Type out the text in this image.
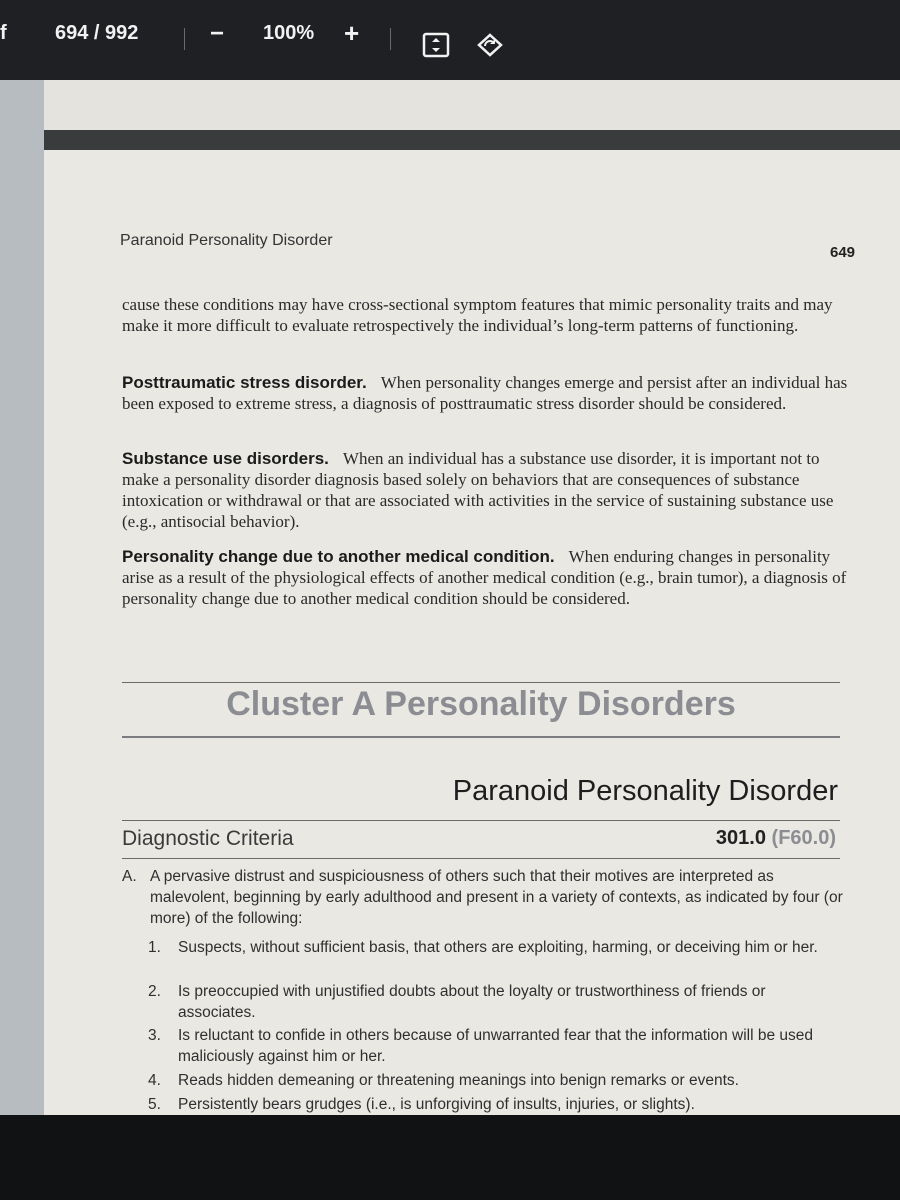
f 694 / 992	− 100% +
Paranoid Personality Disorder
649
cause these conditions may have cross-sectional symptom features that mimic personality traits and may make it more difficult to evaluate retrospectively the individual’s long-term patterns of functioning.
Posttraumatic stress disorder. When personality changes emerge and persist after an individual has been exposed to extreme stress, a diagnosis of posttraumatic stress disorder should be considered.
Substance use disorders. When an individual has a substance use disorder, it is important not to make a personality disorder diagnosis based solely on behaviors that are consequences of substance intoxication or withdrawal or that are associated with activities in the service of sustaining substance use (e.g., antisocial behavior).
Personality change due to another medical condition. When enduring changes in personality arise as a result of the physiological effects of another medical condition (e.g., brain tumor), a diagnosis of personality change due to another medical condition should be considered.
Cluster A Personality Disorders
Paranoid Personality Disorder
Diagnostic Criteria	301.0 (F60.0)
A. A pervasive distrust and suspiciousness of others such that their motives are interpreted as malevolent, beginning by early adulthood and present in a variety of contexts, as indicated by four (or more) of the following:
1. Suspects, without sufficient basis, that others are exploiting, harming, or deceiving him or her.
2. Is preoccupied with unjustified doubts about the loyalty or trustworthiness of friends or associates.
3. Is reluctant to confide in others because of unwarranted fear that the information will be used maliciously against him or her.
4. Reads hidden demeaning or threatening meanings into benign remarks or events.
5. Persistently bears grudges (i.e., is unforgiving of insults, injuries, or slights).
